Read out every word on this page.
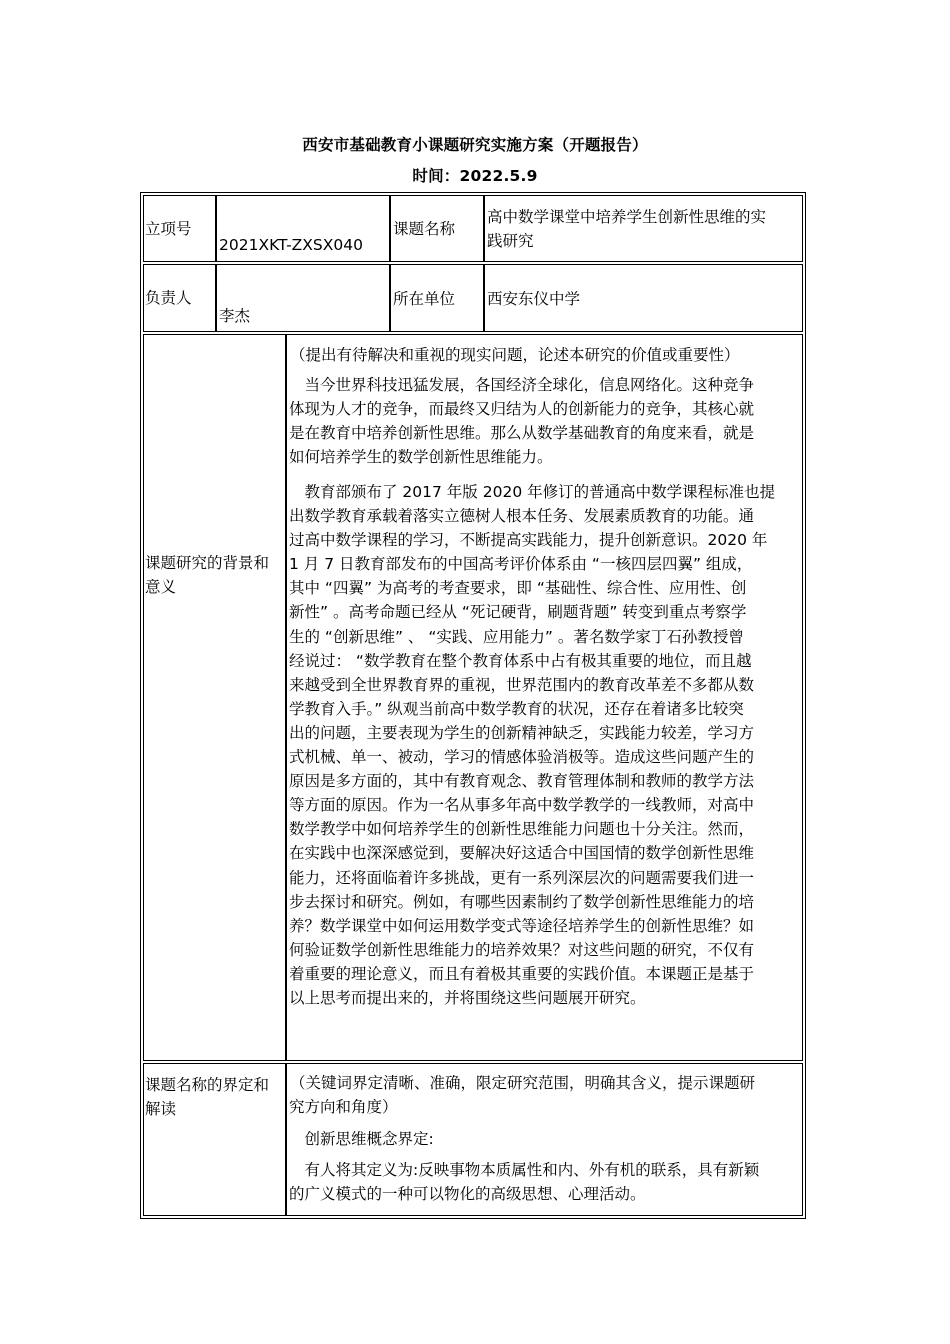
西安市基础教育小课题研究实施方案（开题报告）
时间：2022.5.9
立项号
2021XKT-ZXSX040
课题名称
高中数学课堂中培养学生创新性思维的实
践研究
负责人
李杰
所在单位 西安东仪中学
课题研究的背景和
意义
（提出有待解决和重视的现实问题，论述本研究的价值或重要性）
　当今世界科技迅猛发展，各国经济全球化，信息网络化。这种竞争
体现为人才的竞争，而最终又归结为人的创新能力的竞争，其核心就
是在教育中培养创新性思维。那么从数学基础教育的角度来看，就是
如何培养学生的数学创新性思维能力。
　教育部颁布了 2017 年版 2020 年修订的普通高中数学课程标准也提
出数学教育承载着落实立德树人根本任务、发展素质教育的功能。通
过高中数学课程的学习，不断提高实践能力，提升创新意识。2020 年
1 月 7 日教育部发布的中国高考评价体系由 “一核四层四翼” 组成，
其中 “四翼” 为高考的考查要求，即 “基础性、综合性、应用性、创
新性” 。高考命题已经从 “死记硬背，刷题背题” 转变到重点考察学
生的 “创新思维” 、 “实践、应用能力” 。著名数学家丁石孙教授曾
经说过： “数学教育在整个教育体系中占有极其重要的地位，而且越
来越受到全世界教育界的重视，世界范围内的教育改革差不多都从数
学教育入手。” 纵观当前高中数学教育的状况，还存在着诸多比较突
出的问题，主要表现为学生的创新精神缺乏，实践能力较差，学习方
式机械、单一、被动，学习的情感体验消极等。造成这些问题产生的
原因是多方面的，其中有教育观念、教育管理体制和教师的教学方法
等方面的原因。作为一名从事多年高中数学教学的一线教师，对高中
数学教学中如何培养学生的创新性思维能力问题也十分关注。然而，
在实践中也深深感觉到，要解决好这适合中国国情的数学创新性思维
能力，还将面临着许多挑战，更有一系列深层次的问题需要我们进一
步去探讨和研究。例如，有哪些因素制约了数学创新性思维能力的培
养？数学课堂中如何运用数学变式等途径培养学生的创新性思维？如
何验证数学创新性思维能力的培养效果？对这些问题的研究，不仅有
着重要的理论意义，而且有着极其重要的实践价值。本课题正是基于
以上思考而提出来的，并将围绕这些问题展开研究。
课题名称的界定和
解读
（关键词界定清晰、准确，限定研究范围，明确其含义，提示课题研
究方向和角度）
　创新思维概念界定:
　有人将其定义为:反映事物本质属性和内、外有机的联系，具有新颖
的广义模式的一种可以物化的高级思想、心理活动。
